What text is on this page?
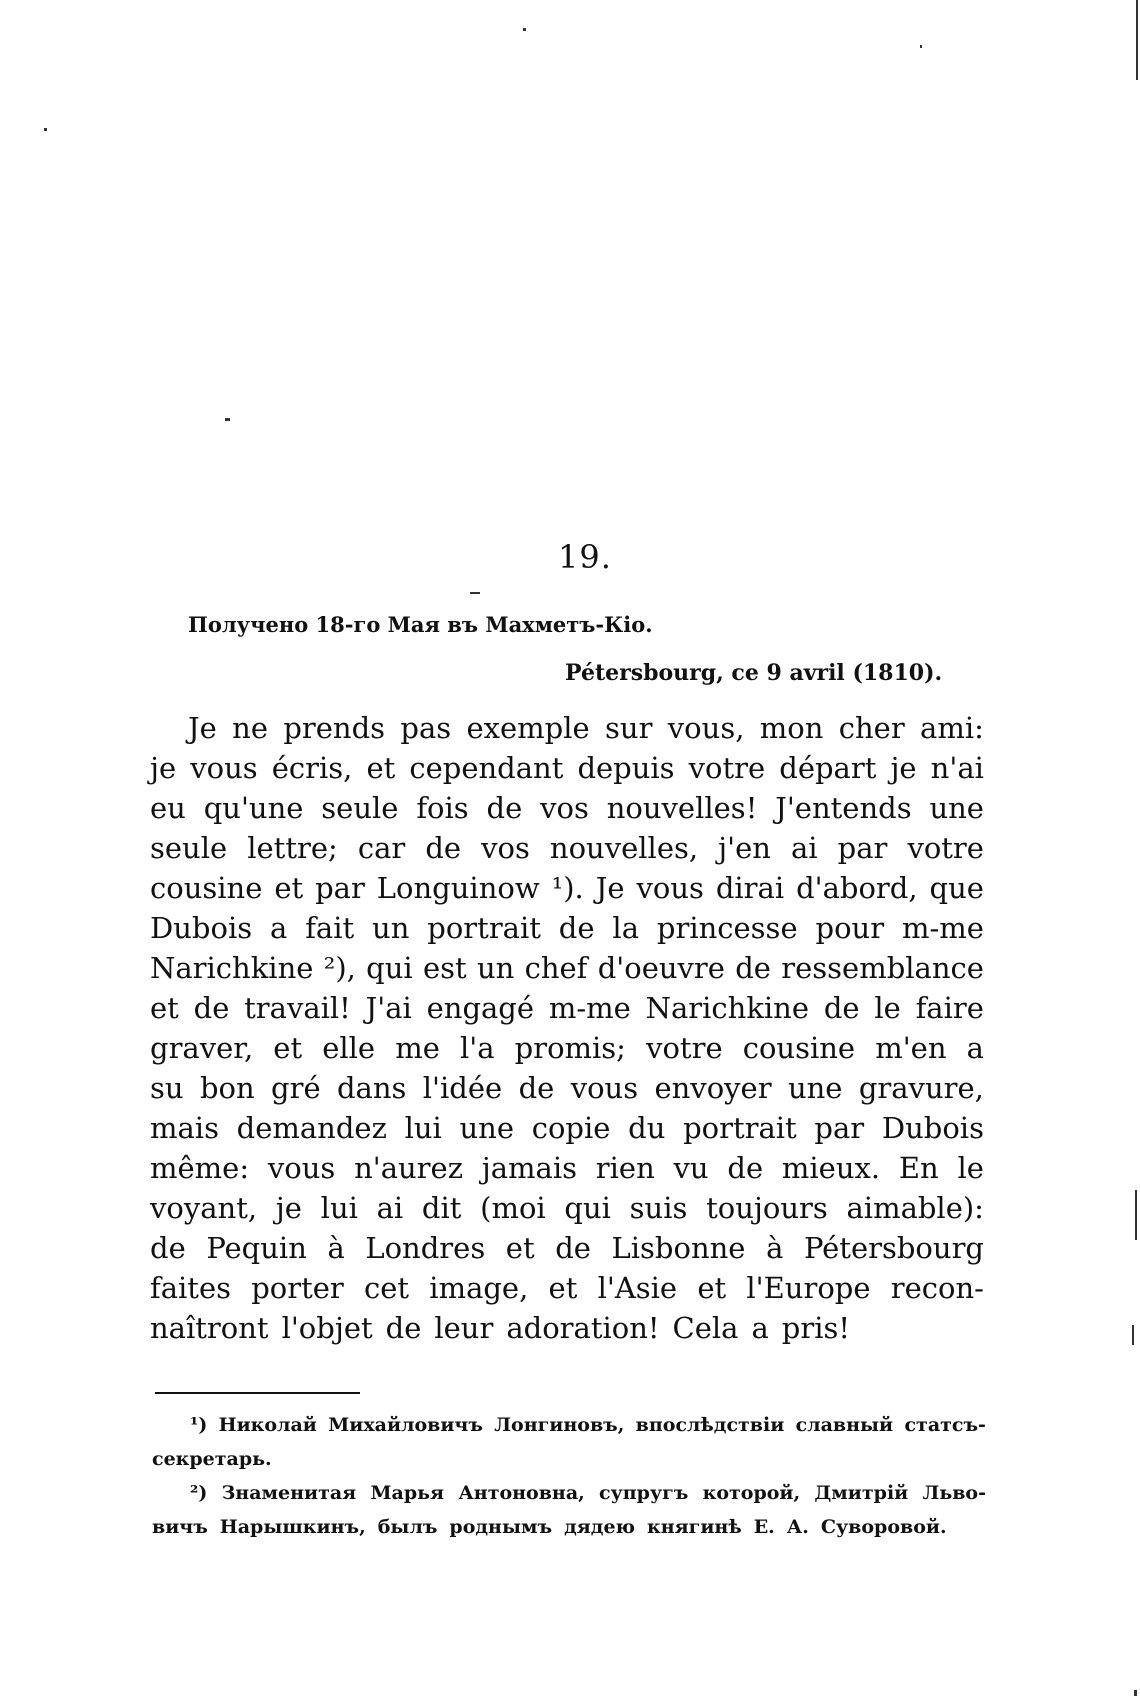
19.
Получено 18-го Мая въ Махметъ-Кіо.
Pétersbourg, ce 9 avril (1810).
Je ne prends pas exemple sur vous, mon cher ami:
je vous écris, et cependant depuis votre départ je n'ai
eu qu'une seule fois de vos nouvelles! J'entends une
seule lettre; car de vos nouvelles, j'en ai par votre
cousine et par Longuinow ¹). Je vous dirai d'abord, que
Dubois a fait un portrait de la princesse pour m-me
Narichkine ²), qui est un chef d'oeuvre de ressemblance
et de travail! J'ai engagé m-me Narichkine de le faire
graver, et elle me l'a promis; votre cousine m'en a
su bon gré dans l'idée de vous envoyer une gravure,
mais demandez lui une copie du portrait par Dubois
même: vous n'aurez jamais rien vu de mieux. En le
voyant, je lui ai dit (moi qui suis toujours aimable):
de Pequin à Londres et de Lisbonne à Pétersbourg
faites porter cet image, et l'Asie et l'Europe recon-
naîtront l'objet de leur adoration! Cela a pris!
¹) Николай Михайловичъ Лонгиновъ, впослѣдствіи славный статсъ-
секретарь.
²) Знаменитая Марья Антоновна, супругъ которой, Дмитрій Льво-
вичъ Нарышкинъ, былъ роднымъ дядею княгинѣ Е. А. Суворовой.
